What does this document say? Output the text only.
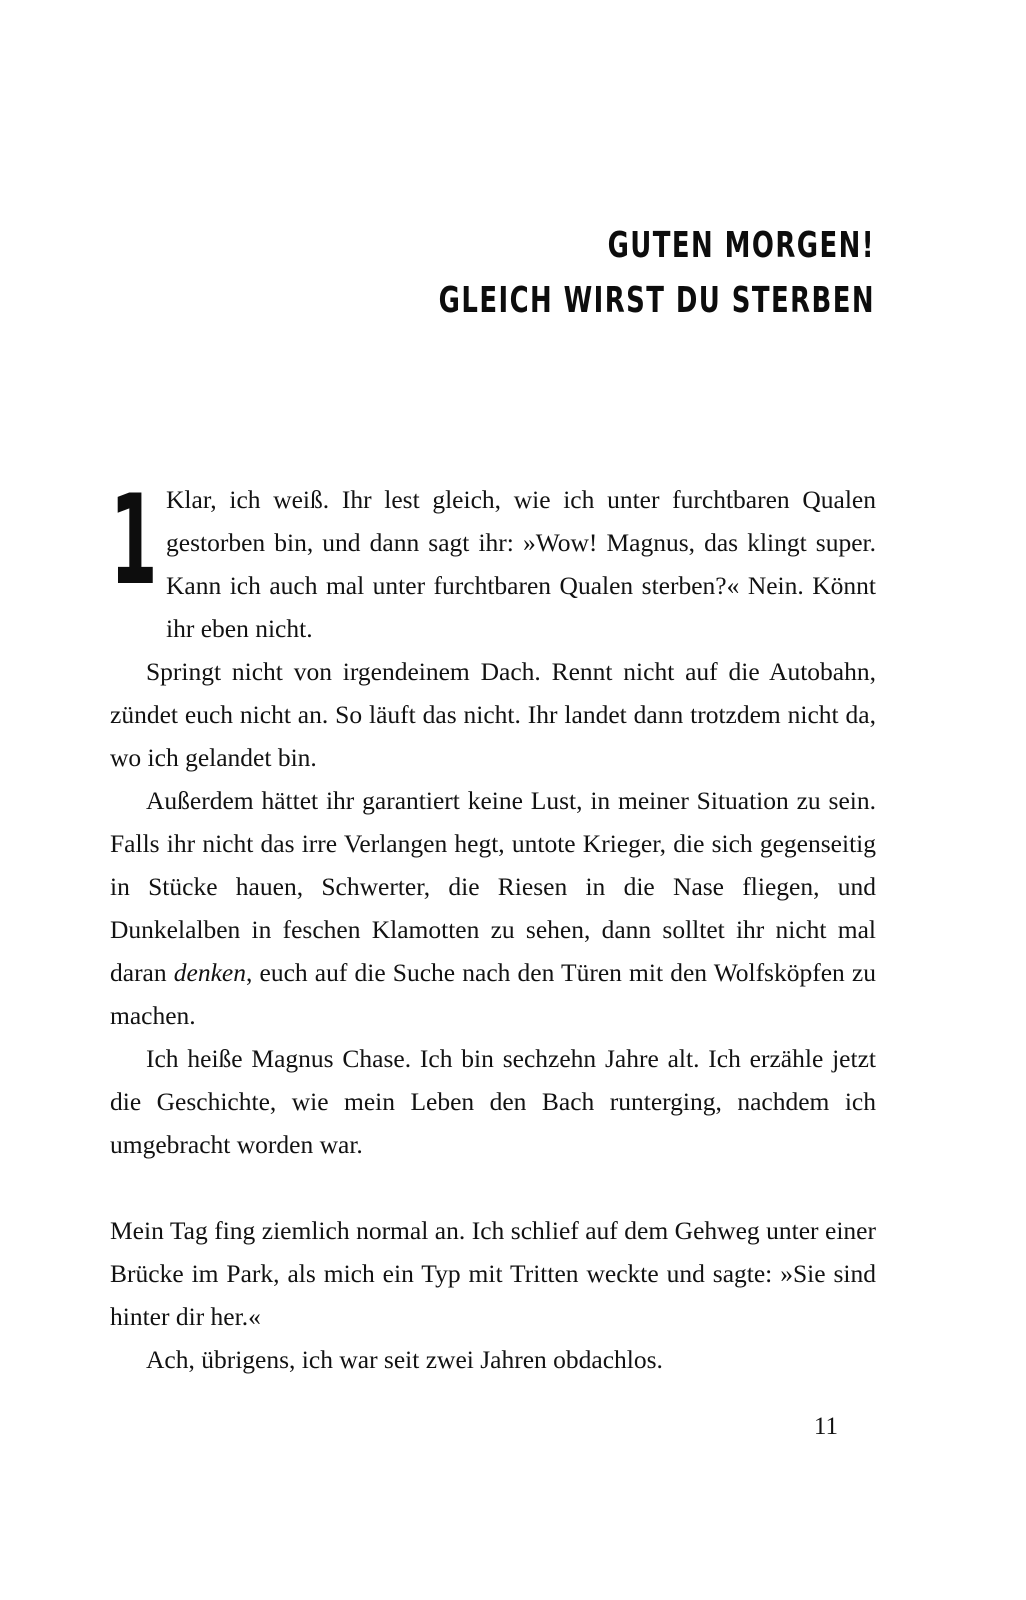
GUTEN MORGEN!
GLEICH WIRST DU STERBEN

1 Klar, ich weiß. Ihr lest gleich, wie ich unter furchtbaren Qualen gestorben bin, und dann sagt ihr: »Wow! Magnus, das klingt super. Kann ich auch mal unter furchtbaren Qualen sterben?« Nein. Könnt ihr eben nicht.

Springt nicht von irgendeinem Dach. Rennt nicht auf die Autobahn, zündet euch nicht an. So läuft das nicht. Ihr landet dann trotzdem nicht da, wo ich gelandet bin.

Außerdem hättet ihr garantiert keine Lust, in meiner Situation zu sein. Falls ihr nicht das irre Verlangen hegt, untote Krieger, die sich gegenseitig in Stücke hauen, Schwerter, die Riesen in die Nase fliegen, und Dunkelalben in feschen Klamotten zu sehen, dann solltet ihr nicht mal daran denken, euch auf die Suche nach den Türen mit den Wolfsköpfen zu machen.

Ich heiße Magnus Chase. Ich bin sechzehn Jahre alt. Ich erzähle jetzt die Geschichte, wie mein Leben den Bach runterging, nachdem ich umgebracht worden war.

Mein Tag fing ziemlich normal an. Ich schlief auf dem Gehweg unter einer Brücke im Park, als mich ein Typ mit Tritten weckte und sagte: »Sie sind hinter dir her.«

Ach, übrigens, ich war seit zwei Jahren obdachlos.

11
